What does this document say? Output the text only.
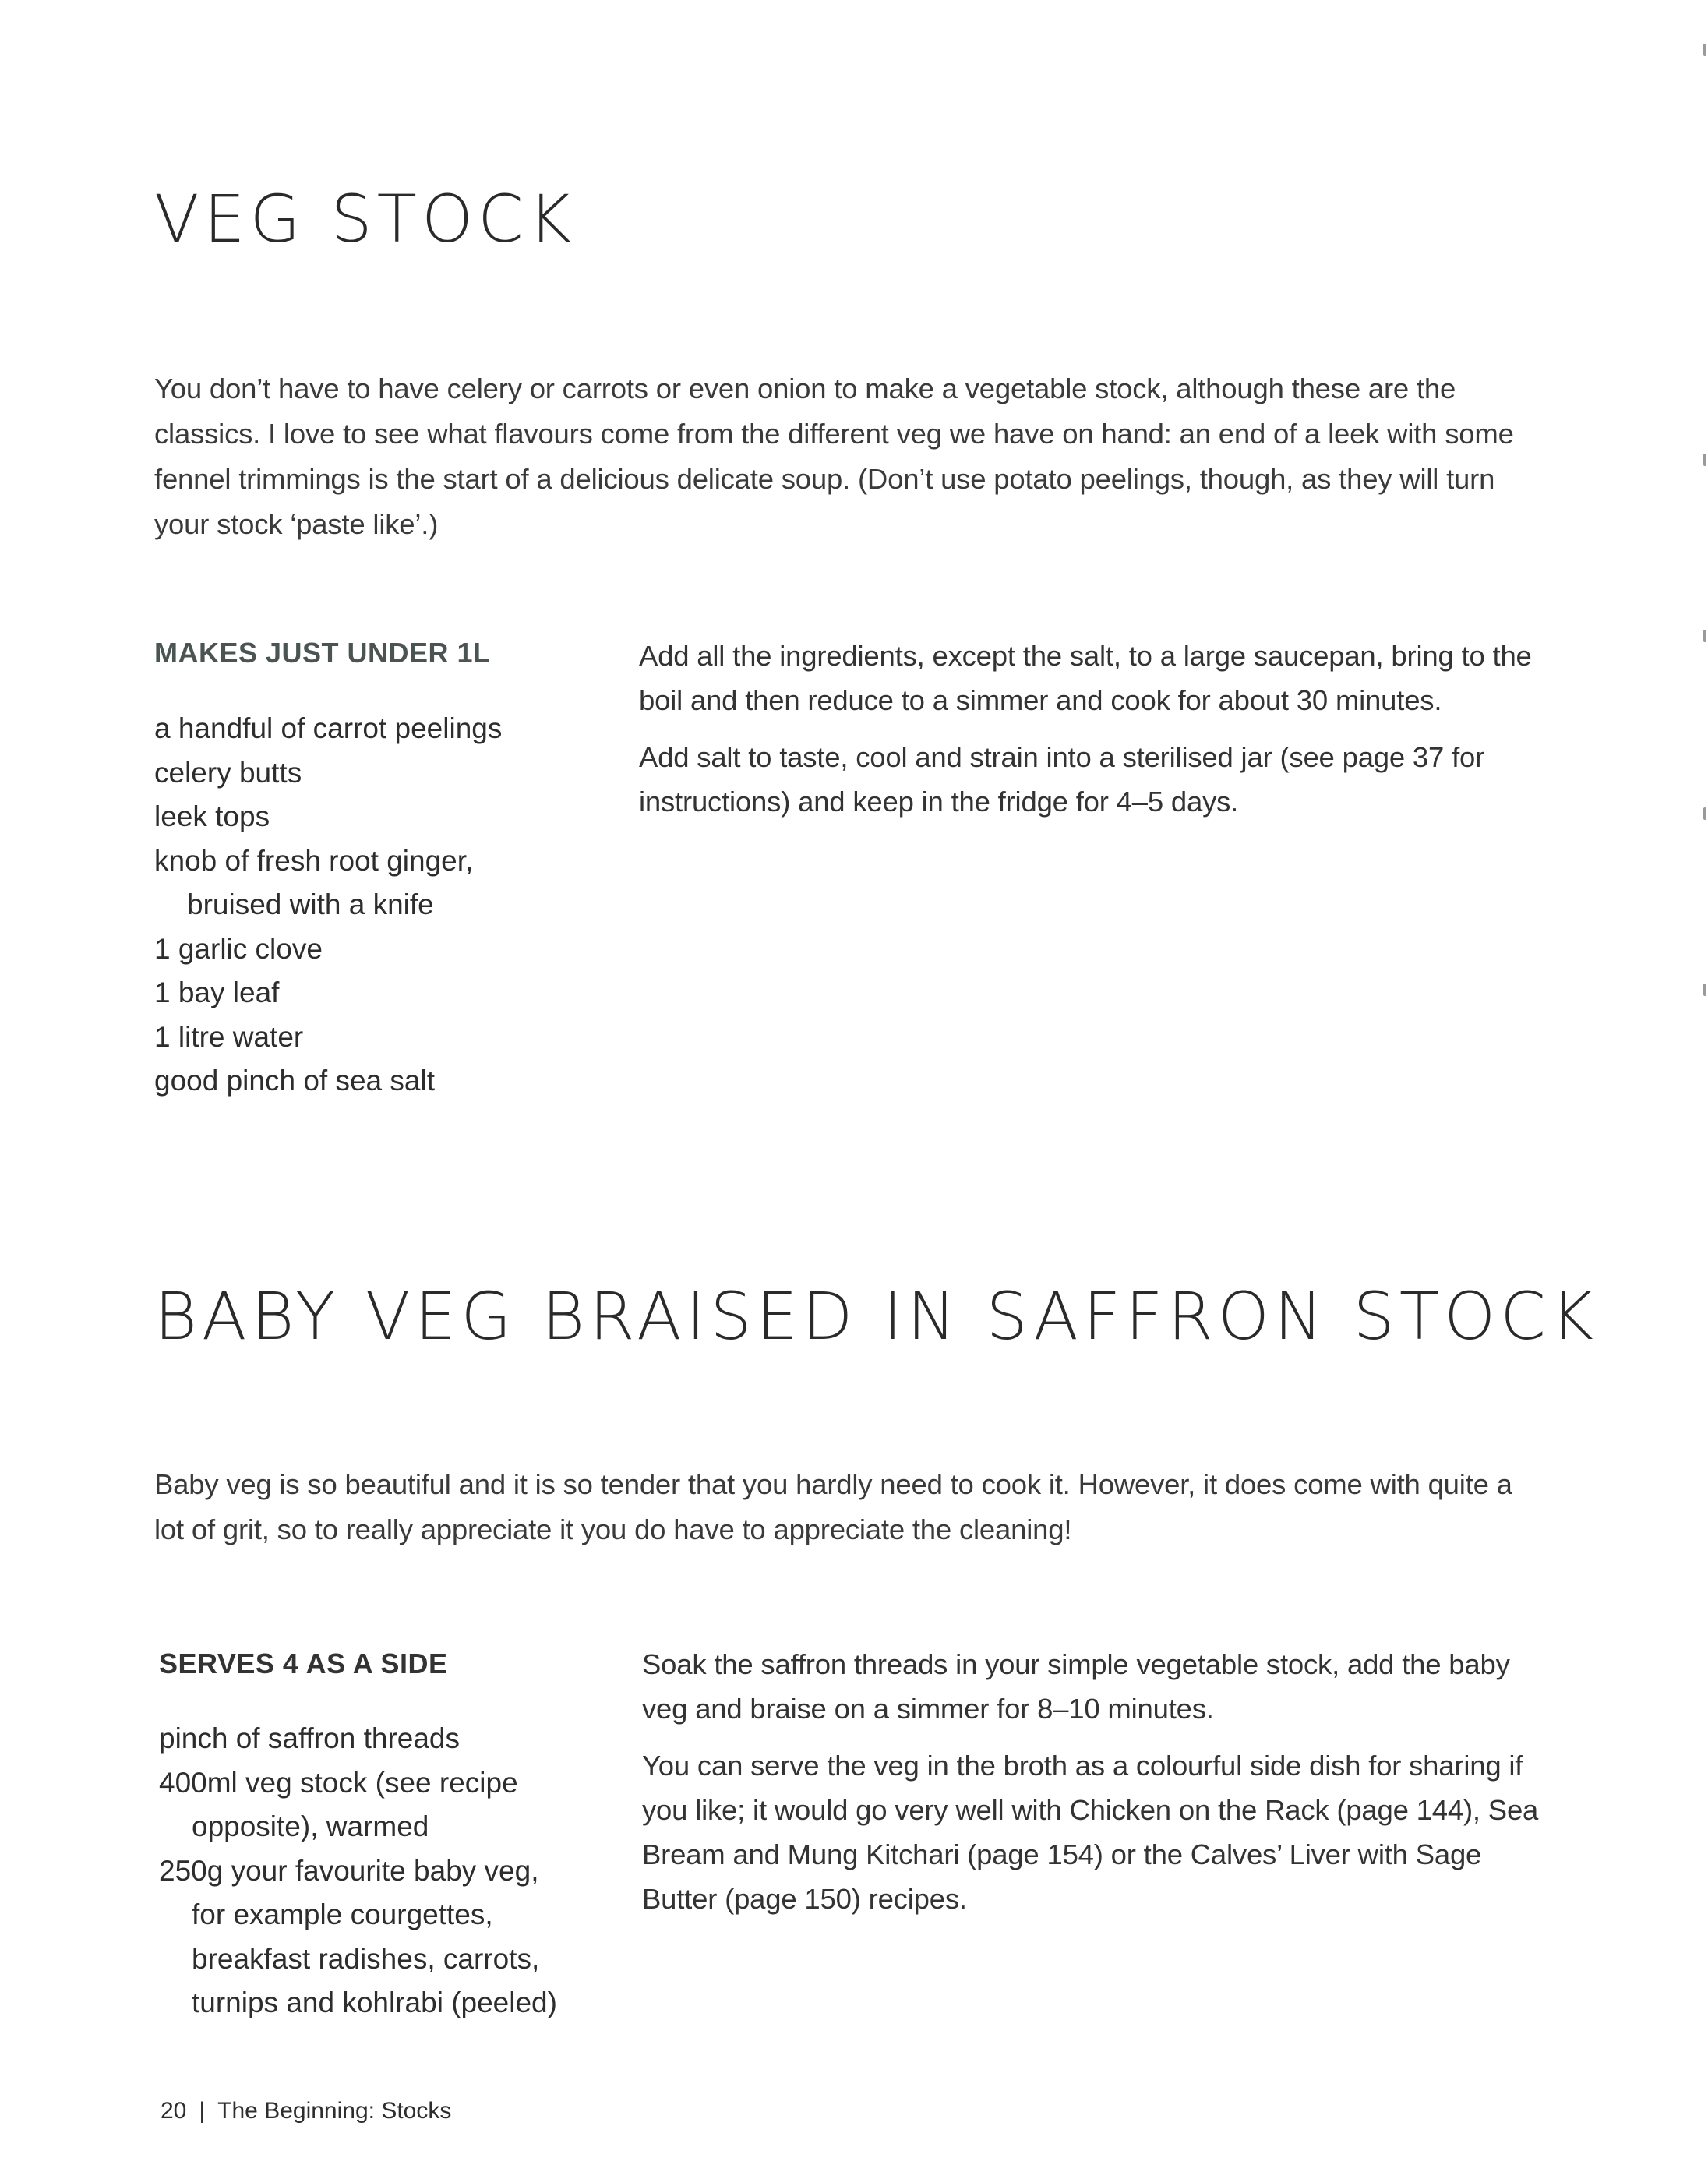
VEG STOCK

You don’t have to have celery or carrots or even onion to make a vegetable stock, although these are the classics. I love to see what flavours come from the different veg we have on hand: an end of a leek with some fennel trimmings is the start of a delicious delicate soup. (Don’t use potato peelings, though, as they will turn your stock ‘paste like’.)

MAKES JUST UNDER 1L
a handful of carrot peelings
celery butts
leek tops
knob of fresh root ginger,
bruised with a knife
1 garlic clove
1 bay leaf
1 litre water
good pinch of sea salt

Add all the ingredients, except the salt, to a large saucepan, bring to the boil and then reduce to a simmer and cook for about 30 minutes.

Add salt to taste, cool and strain into a sterilised jar (see page 37 for instructions) and keep in the fridge for 4–5 days.

BABY VEG BRAISED IN SAFFRON STOCK

Baby veg is so beautiful and it is so tender that you hardly need to cook it. However, it does come with quite a lot of grit, so to really appreciate it you do have to appreciate the cleaning!

SERVES 4 AS A SIDE
pinch of saffron threads
400ml veg stock (see recipe
opposite), warmed
250g your favourite baby veg,
for example courgettes,
breakfast radishes, carrots,
turnips and kohlrabi (peeled)

Soak the saffron threads in your simple vegetable stock, add the baby veg and braise on a simmer for 8–10 minutes.

You can serve the veg in the broth as a colourful side dish for sharing if you like; it would go very well with Chicken on the Rack (page 144), Sea Bream and Mung Kitchari (page 154) or the Calves’ Liver with Sage Butter (page 150) recipes.

20 | The Beginning: Stocks
